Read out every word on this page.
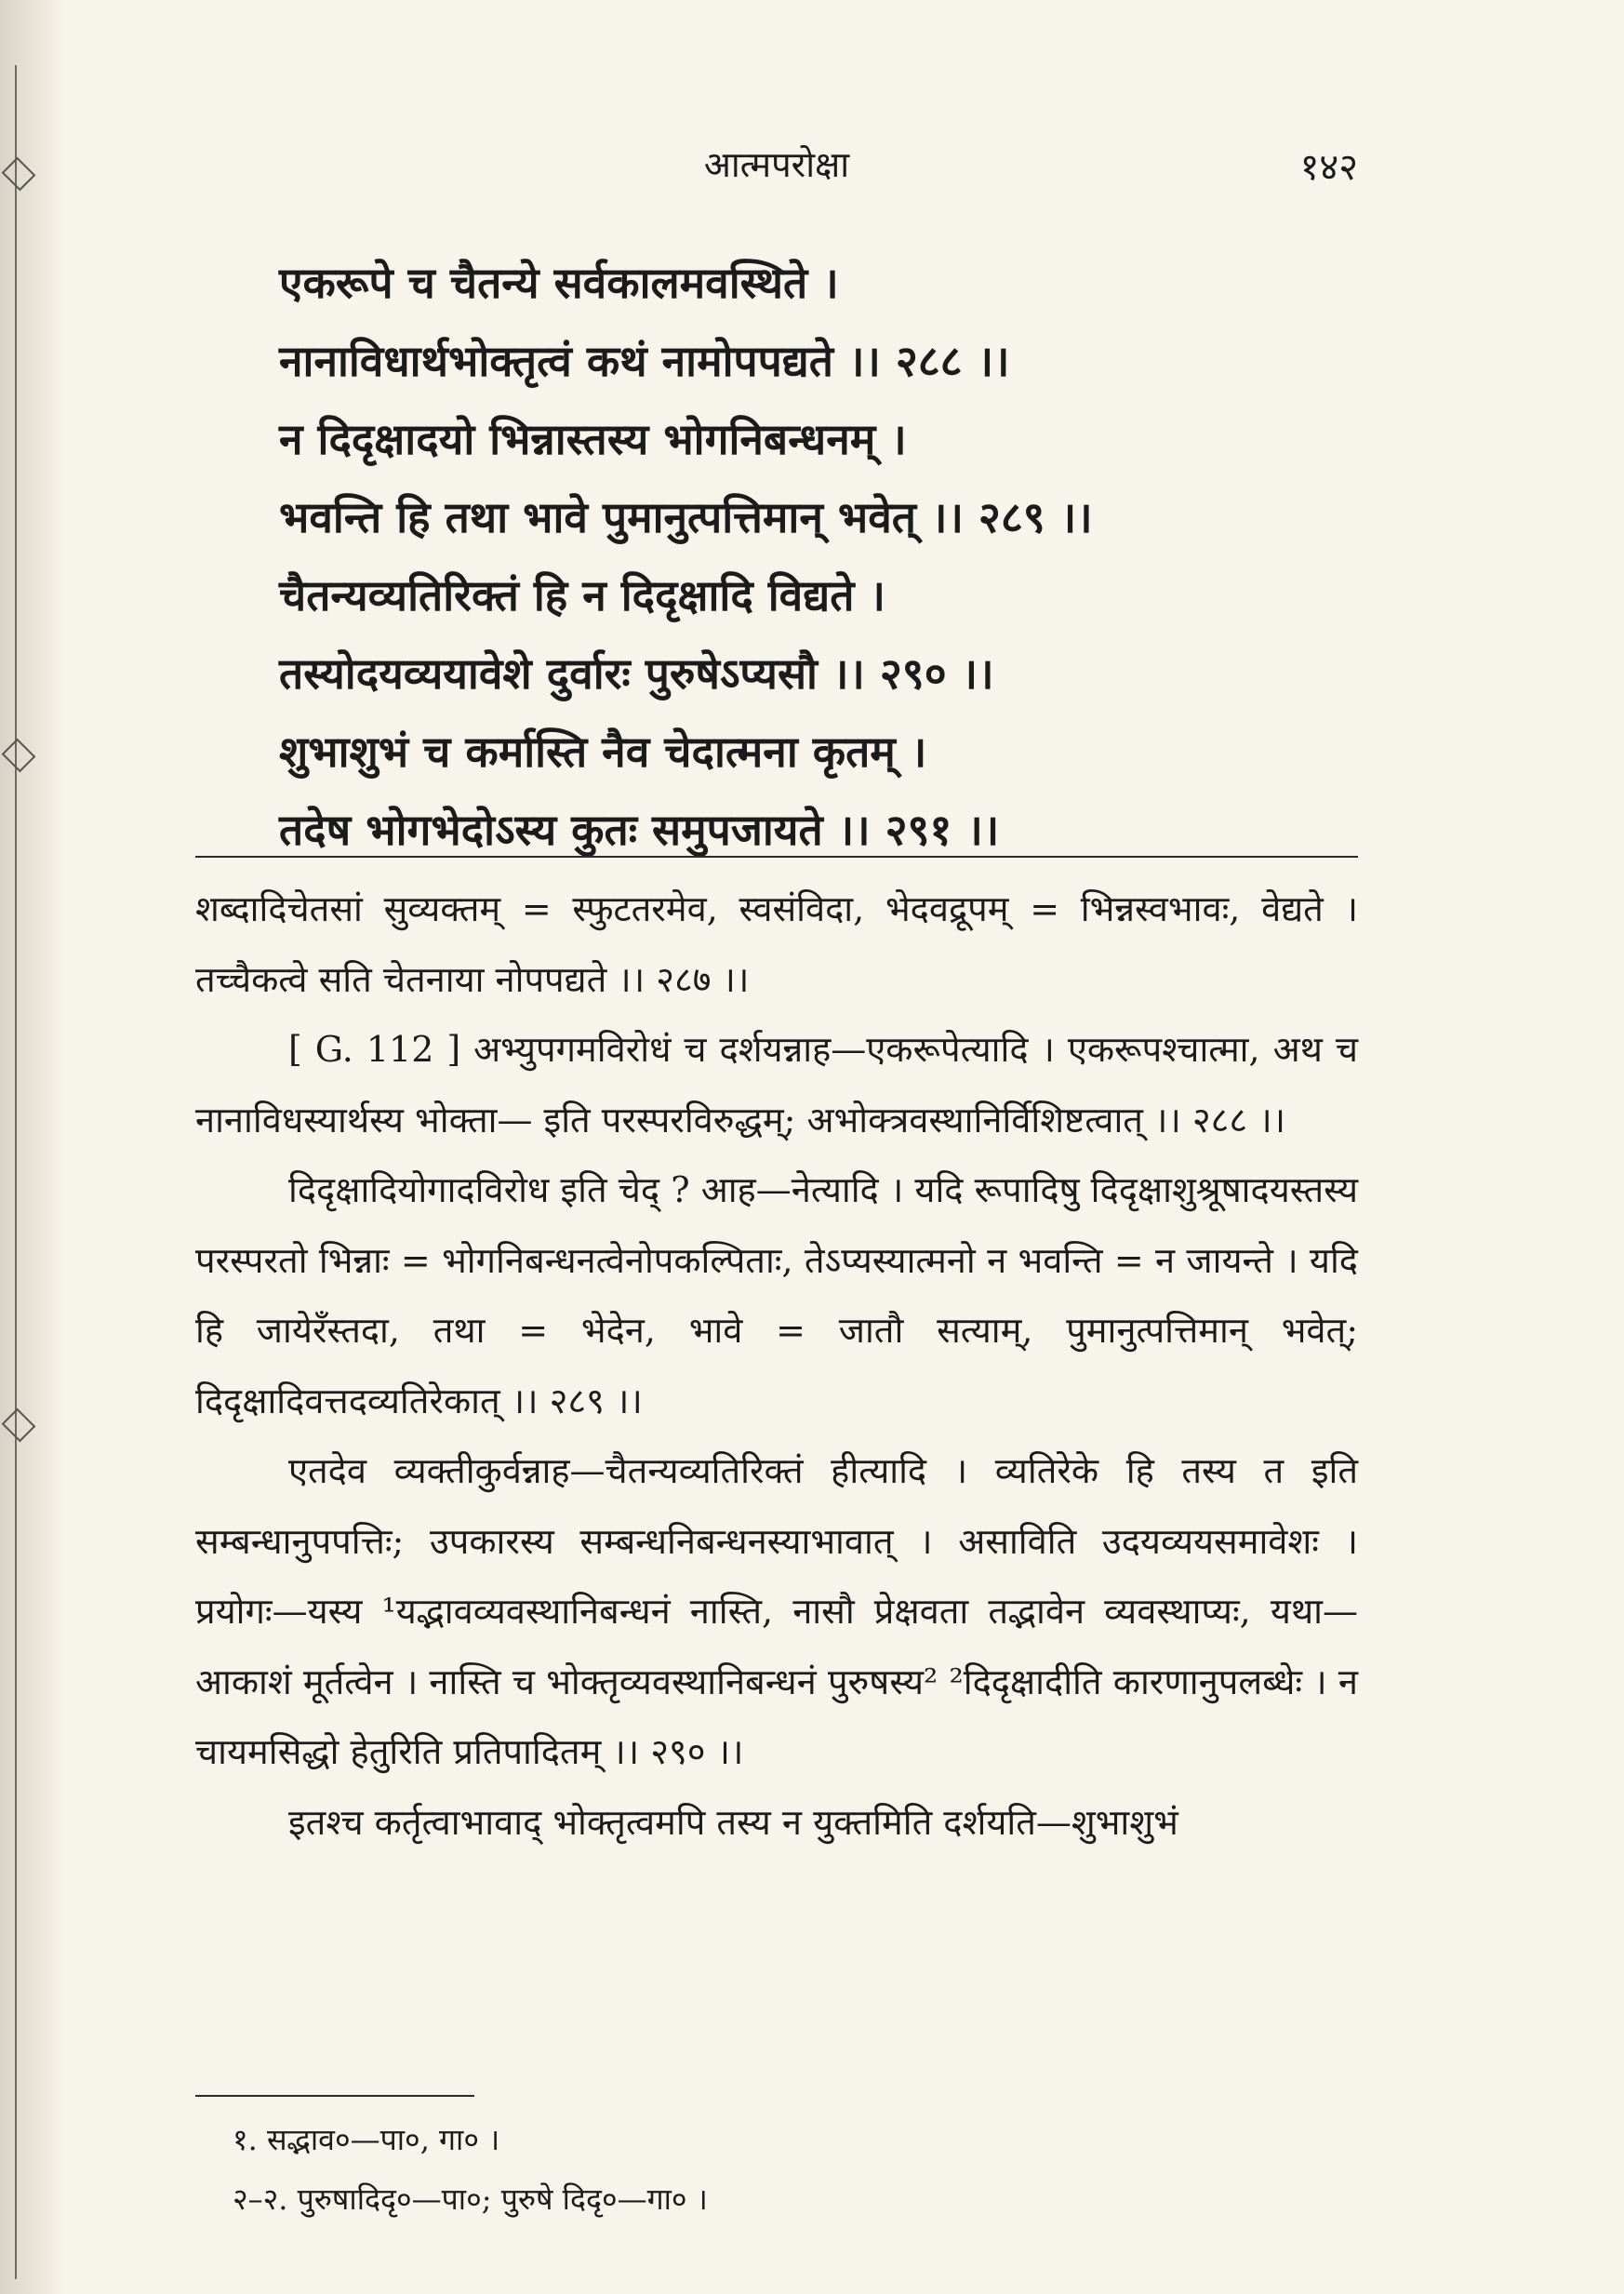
आत्मपरोक्षा	१४२
एकरूपे च चैतन्ये सर्वकालमवस्थिते ।
नानाविधार्थभोक्तृत्वं कथं नामोपपद्यते ।। २८८ ।।
न दिदृक्षादयो भिन्नास्तस्य भोगनिबन्धनम् ।
भवन्ति हि तथा भावे पुमानुत्पत्तिमान् भवेत् ।। २८९ ।।
चैतन्यव्यतिरिक्तं हि न दिदृक्षादि विद्यते ।
तस्योदयव्ययावेशे दुर्वारः पुरुषेऽप्यसौ ।। २९० ।।
शुभाशुभं च कर्मास्ति नैव चेदात्मना कृतम् ।
तदेष भोगभेदोऽस्य कुतः समुपजायते ।। २९१ ।।

शब्दादिचेतसां सुव्यक्तम् = स्फुटतरमेव, स्वसंविदा, भेदवद्रूपम् = भिन्नस्वभावः, वेद्यते । तच्चैकत्वे सति चेतनाया नोपपद्यते ।। २८७ ।।

[ G. 112 ] अभ्युपगमविरोधं च दर्शयन्नाह—एकरूपेत्यादि । एकरूपश्चात्मा, अथ च नानाविधस्यार्थस्य भोक्ता— इति परस्परविरुद्धम्; अभोक्त्रवस्थानिर्विशिष्टत्वात् ।। २८८ ।।

दिदृक्षादियोगादविरोध इति चेद् ? आह—नेत्यादि । यदि रूपादिषु दिदृक्षाशुश्रूषादयस्तस्य परस्परतो भिन्नाः = भोगनिबन्धनत्वेनोपकल्पिताः, तेऽप्यस्यात्मनो न भवन्ति = न जायन्ते । यदि हि जायेरँस्तदा, तथा = भेदेन, भावे = जातौ सत्याम्, पुमानुत्पत्तिमान् भवेत्; दिदृक्षादिवत्तदव्यतिरेकात् ।। २८९ ।।

एतदेव व्यक्तीकुर्वन्नाह—चैतन्यव्यतिरिक्तं हीत्यादि । व्यतिरेके हि तस्य त इति सम्बन्धानुपपत्तिः; उपकारस्य सम्बन्धनिबन्धनस्याभावात् । असाविति उदयव्ययसमावेशः । प्रयोगः—यस्य ¹यद्भावव्यवस्थानिबन्धनं नास्ति, नासौ प्रेक्षवता तद्भावेन व्यवस्थाप्यः, यथा—आकाशं मूर्तत्वेन । नास्ति च भोक्तृव्यवस्थानिबन्धनं पुरुषस्य² ²दिदृक्षादीति कारणानुपलब्धेः । न चायमसिद्धो हेतुरिति प्रतिपादितम् ।। २९० ।।

इतश्च कर्तृत्वाभावाद् भोक्तृत्वमपि तस्य न युक्तमिति दर्शयति—शुभाशुभं

१. सद्भाव०—पा०, गा० ।

२–२. पुरुषादिदृ०—पा०; पुरुषे दिदृ०—गा० ।
